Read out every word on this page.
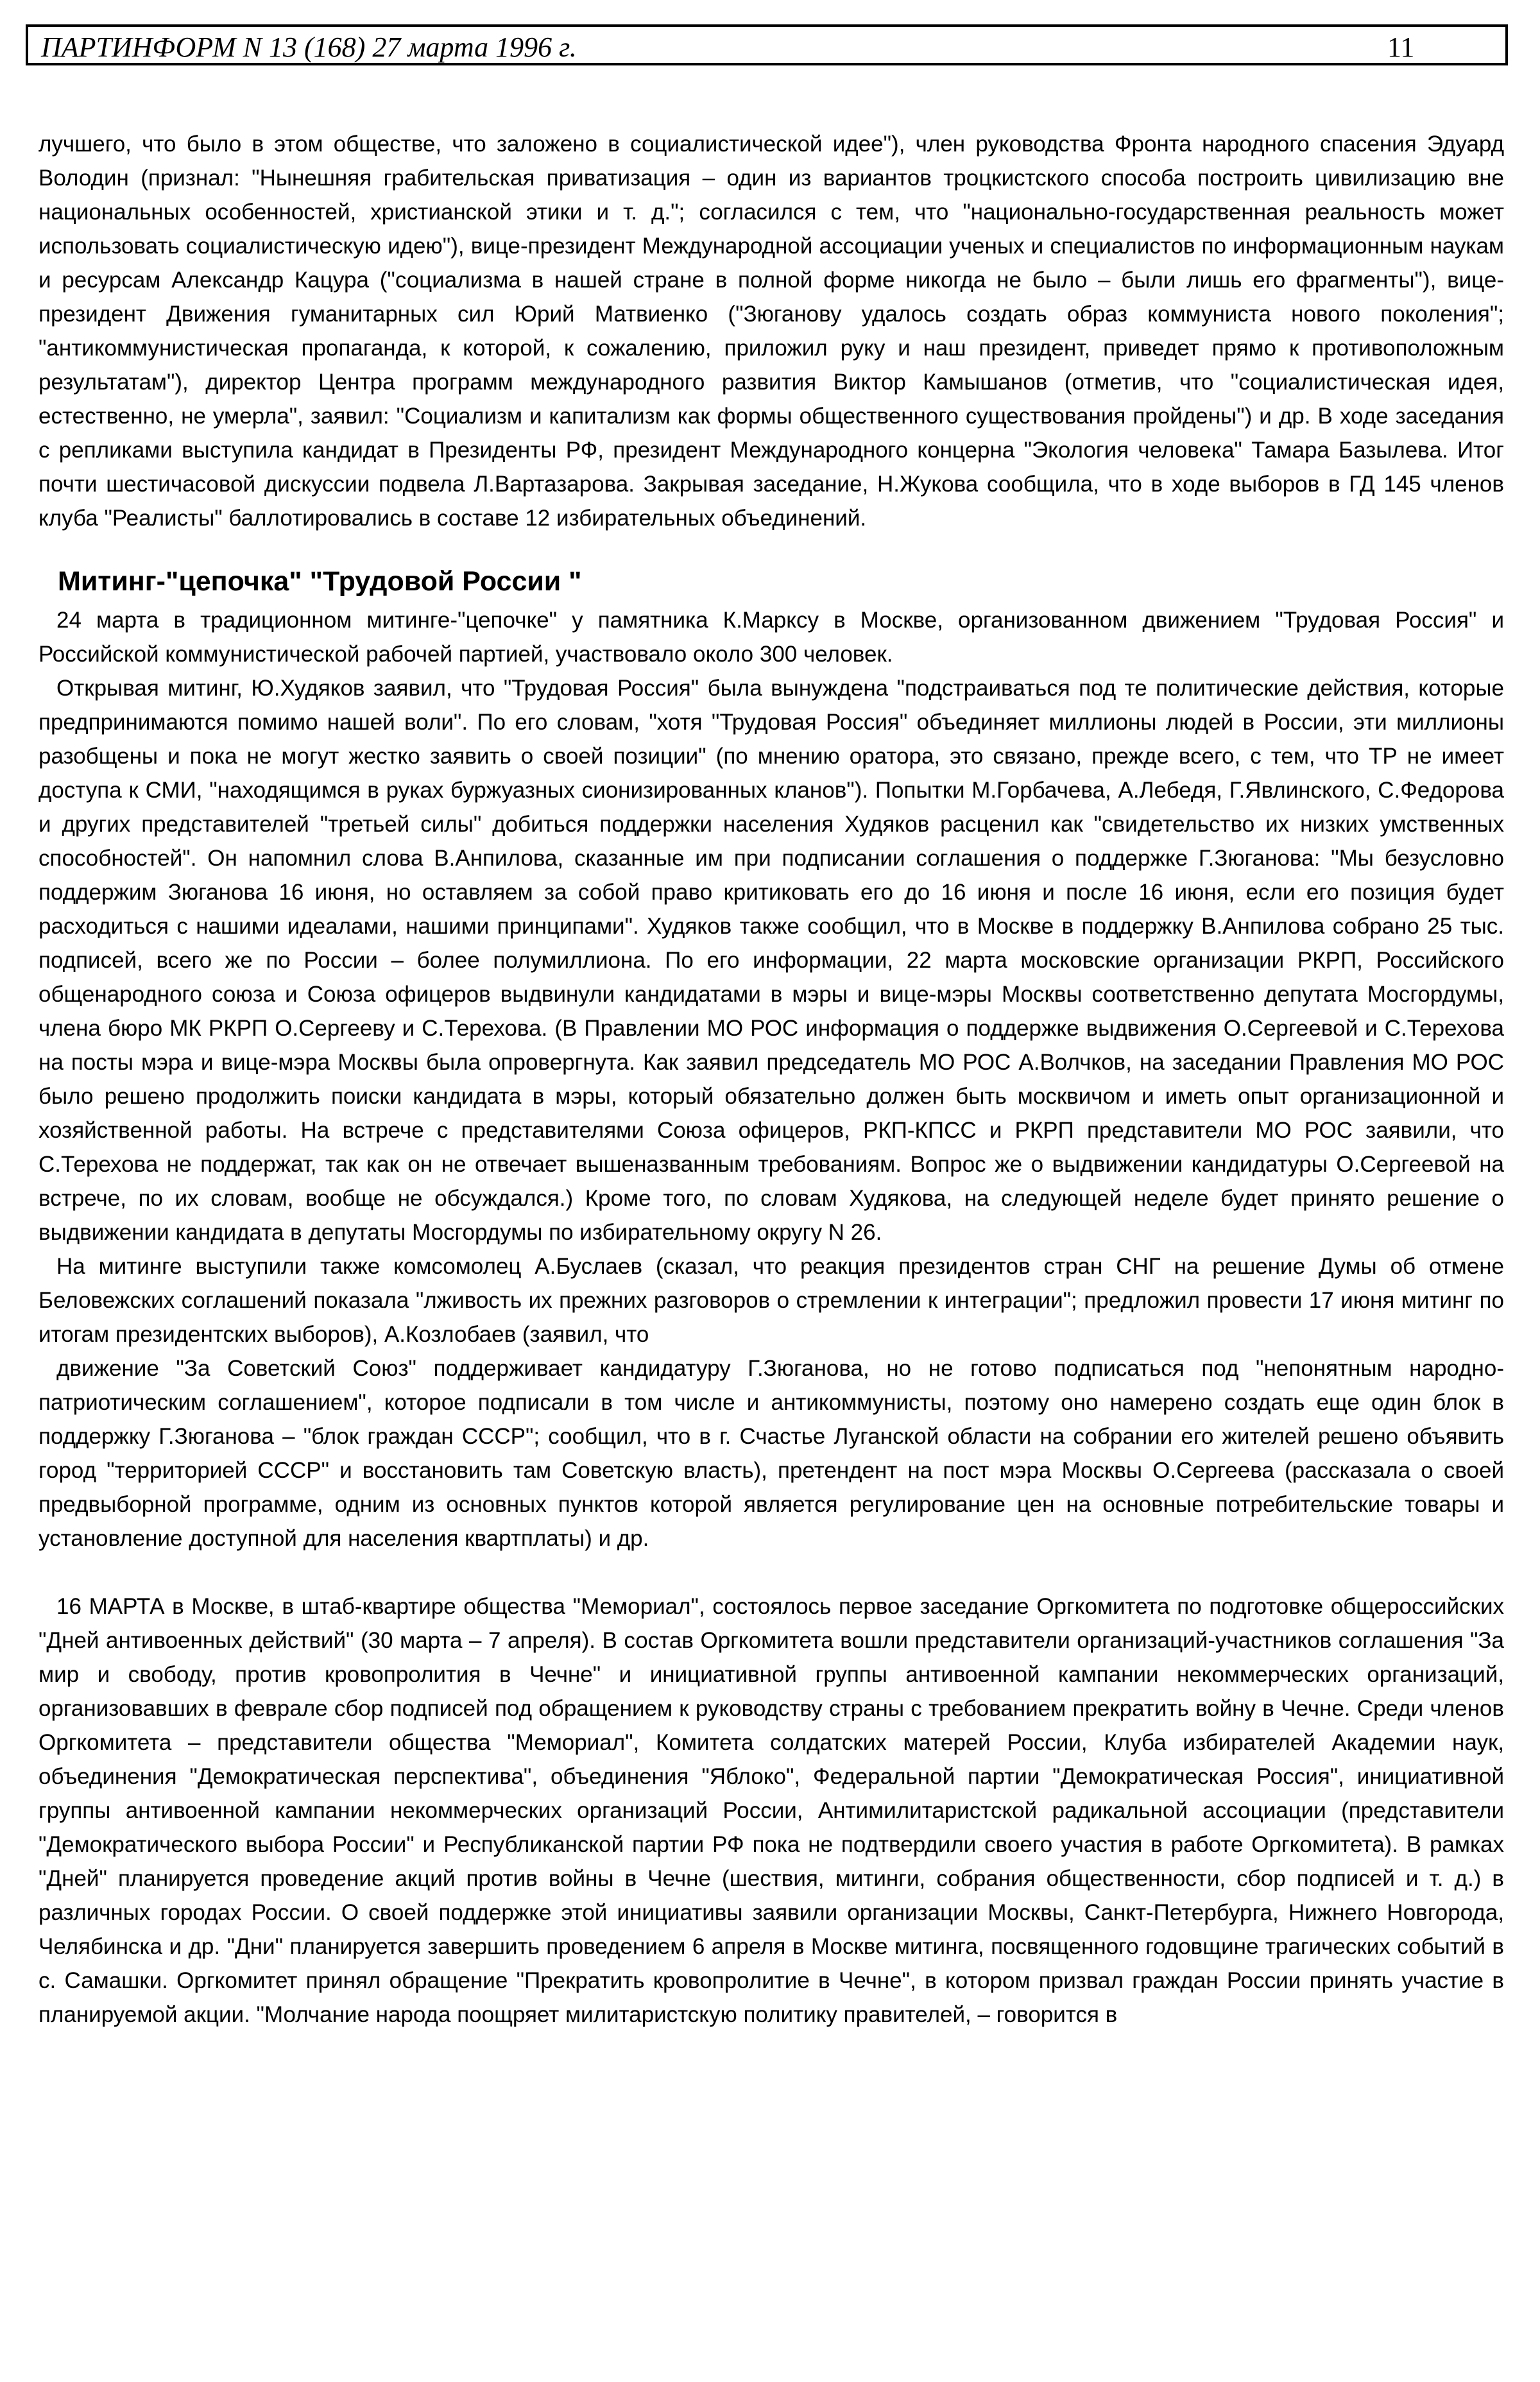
ПАРТИНФОРМ N 13 (168) 27 марта 1996 г.	11

лучшего, что было в этом обществе, что заложено в социалистической идее"), член руководства Фронта народного спасения Эдуард Володин (признал: "Нынешняя грабительская приватизация – один из вариантов троцкистского способа построить цивилизацию вне национальных особенностей, христианской этики и т. д."; согласился с тем, что "национально-государственная реальность может использовать социалистическую идею"), вице-президент Международной ассоциации ученых и специалистов по информационным наукам и ресурсам Александр Кацура ("социализма в нашей стране в полной форме никогда не было – были лишь его фрагменты"), вице-президент Движения гуманитарных сил Юрий Матвиенко ("Зюганову удалось создать образ коммуниста нового поколения"; "антикоммунистическая пропаганда, к которой, к сожалению, приложил руку и наш президент, приведет прямо к противоположным результатам"), директор Центра программ международного развития Виктор Камышанов (отметив, что "социалистическая идея, естественно, не умерла", заявил: "Социализм и капитализм как формы общественного существования пройдены") и др. В ходе заседания с репликами выступила кандидат в Президенты РФ, президент Международного концерна "Экология человека" Тамара Базылева. Итог почти шестичасовой дискуссии подвела Л.Вартазарова. Закрывая заседание, Н.Жукова сообщила, что в ходе выборов в ГД 145 членов клуба "Реалисты" баллотировались в составе 12 избирательных объединений.

Митинг-"цепочка" "Трудовой России "

24 марта в традиционном митинге-"цепочке" у памятника К.Марксу в Москве, организованном движением "Трудовая Россия" и Российской коммунистической рабочей партией, участвовало около 300 человек.

Открывая митинг, Ю.Худяков заявил, что "Трудовая Россия" была вынуждена "подстраиваться под те политические действия, которые предпринимаются помимо нашей воли". По его словам, "хотя "Трудовая Россия" объединяет миллионы людей в России, эти миллионы разобщены и пока не могут жестко заявить о своей позиции" (по мнению оратора, это связано, прежде всего, с тем, что ТР не имеет доступа к СМИ, "находящимся в руках буржуазных сионизированных кланов"). Попытки М.Горбачева, А.Лебедя, Г.Явлинского, С.Федорова и других представителей "третьей силы" добиться поддержки населения Худяков расценил как "свидетельство их низких умственных способностей". Он напомнил слова В.Анпилова, сказанные им при подписании соглашения о поддержке Г.Зюганова: "Мы безусловно поддержим Зюганова 16 июня, но оставляем за собой право критиковать его до 16 июня и после 16 июня, если его позиция будет расходиться с нашими идеалами, нашими принципами". Худяков также сообщил, что в Москве в поддержку В.Анпилова собрано 25 тыс. подписей, всего же по России – более полумиллиона. По его информации, 22 марта московские организации РКРП, Российского общенародного союза и Союза офицеров выдвинули кандидатами в мэры и вице-мэры Москвы соответственно депутата Мосгордумы, члена бюро МК РКРП О.Сергееву и С.Терехова. (В Правлении МО РОС информация о поддержке выдвижения О.Сергеевой и С.Терехова на посты мэра и вице-мэра Москвы была опровергнута. Как заявил председатель МО РОС А.Волчков, на заседании Правления МО РОС было решено продолжить поиски кандидата в мэры, который обязательно должен быть москвичом и иметь опыт организационной и хозяйственной работы. На встрече с представителями Союза офицеров, РКП-КПСС и РКРП представители МО РОС заявили, что С.Терехова не поддержат, так как он не отвечает вышеназванным требованиям. Вопрос же о выдвижении кандидатуры О.Сергеевой на встрече, по их словам, вообще не обсуждался.) Кроме того, по словам Худякова, на следующей неделе будет принято решение о выдвижении кандидата в депутаты Мосгордумы по избирательному округу N 26.

На митинге выступили также комсомолец А.Буслаев (сказал, что реакция президентов стран СНГ на решение Думы об отмене Беловежских соглашений показала "лживость их прежних разговоров о стремлении к интеграции"; предложил провести 17 июня митинг по итогам президентских выборов), А.Козлобаев (заявил, что

движение "За Советский Союз" поддерживает кандидатуру Г.Зюганова, но не готово подписаться под "непонятным народно-патриотическим соглашением", которое подписали в том числе и антикоммунисты, поэтому оно намерено создать еще один блок в поддержку Г.Зюганова – "блок граждан СССР"; сообщил, что в г. Счастье Луганской области на собрании его жителей решено объявить город "территорией СССР" и восстановить там Советскую власть), претендент на пост мэра Москвы О.Сергеева (рассказала о своей предвыборной программе, одним из основных пунктов которой является регулирование цен на основные потребительские товары и установление доступной для населения квартплаты) и др.

16 МАРТА в Москве, в штаб-квартире общества "Мемориал", состоялось первое заседание Оргкомитета по подготовке общероссийских "Дней антивоенных действий" (30 марта – 7 апреля). В состав Оргкомитета вошли представители организаций-участников соглашения "За мир и свободу, против кровопролития в Чечне" и инициативной группы антивоенной кампании некоммерческих организаций, организовавших в феврале сбор подписей под обращением к руководству страны с требованием прекратить войну в Чечне. Среди членов Оргкомитета – представители общества "Мемориал", Комитета солдатских матерей России, Клуба избирателей Академии наук, объединения "Демократическая перспектива", объединения "Яблоко", Федеральной партии "Демократическая Россия", инициативной группы антивоенной кампании некоммерческих организаций России, Антимилитаристской радикальной ассоциации (представители "Демократического выбора России" и Республиканской партии РФ пока не подтвердили своего участия в работе Оргкомитета). В рамках "Дней" планируется проведение акций против войны в Чечне (шествия, митинги, собрания общественности, сбор подписей и т. д.) в различных городах России. О своей поддержке этой инициативы заявили организации Москвы, Санкт-Петербурга, Нижнего Новгорода, Челябинска и др. "Дни" планируется завершить проведением 6 апреля в Москве митинга, посвященного годовщине трагических событий в с. Самашки. Оргкомитет принял обращение "Прекратить кровопролитие в Чечне", в котором призвал граждан России принять участие в планируемой акции. "Молчание народа поощряет милитаристскую политику правителей, – говорится в
